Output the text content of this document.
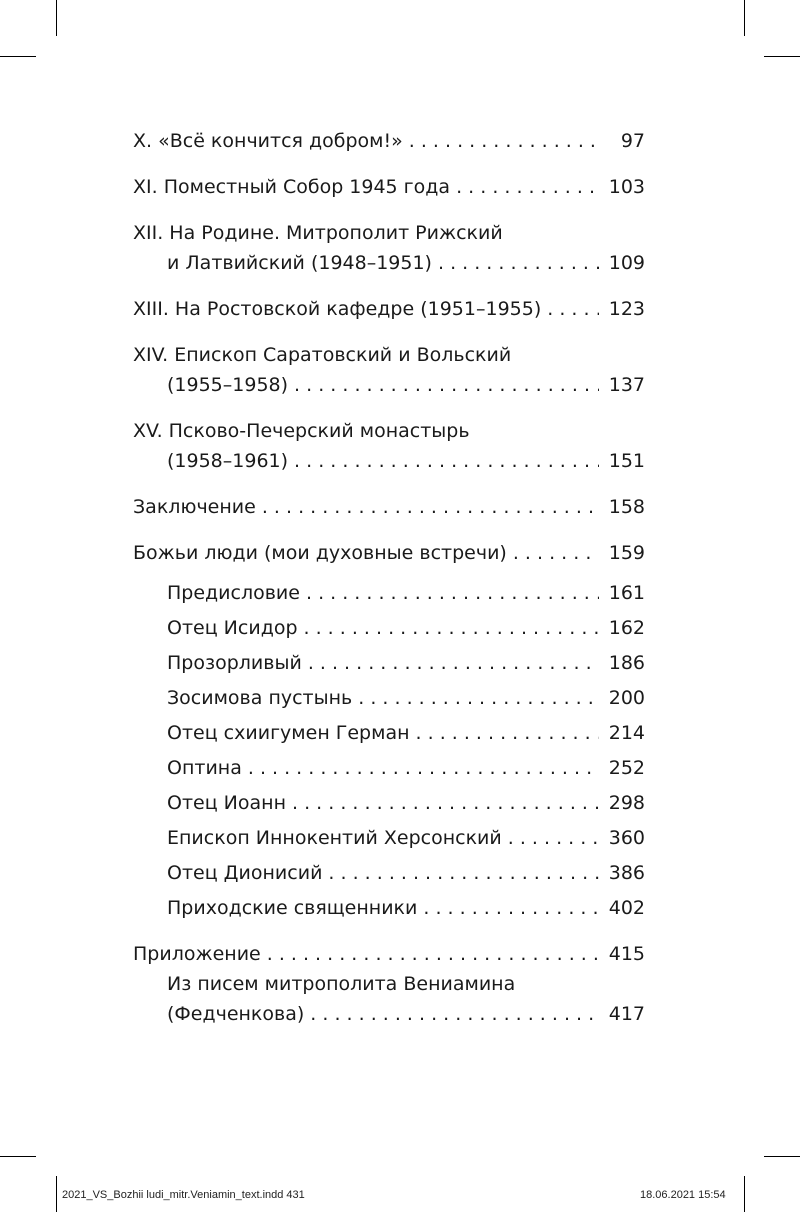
X. «Всё кончится добром!» . . .	97
XI. Поместный Собор 1945 года . . .	103
XII. На Родине. Митрополит Рижский
и Латвийский (1948–1951) . . .	109
XIII. На Ростовской кафедре (1951–1955) . . .	123
XIV. Епископ Саратовский и Вольский
(1955–1958) . . .	137
XV. Псково-Печерский монастырь
(1958–1961) . . .	151
Заключение . . .	158
Божьи люди (мои духовные встречи) . . .	159
Предисловие . . .	161
Отец Исидор . . .	162
Прозорливый . . .	186
Зосимова пустынь . . .	200
Отец схиигумен Герман . . .	214
Оптина . . .	252
Отец Иоанн . . .	298
Епископ Иннокентий Херсонский . . .	360
Отец Дионисий . . .	386
Приходские священники . . .	402
Приложение . . .	415
Из писем митрополита Вениамина
(Федченкова) . . .	417
2021_VS_Bozhii ludi_mitr.Veniamin_text.indd 431	18.06.2021 15:54
